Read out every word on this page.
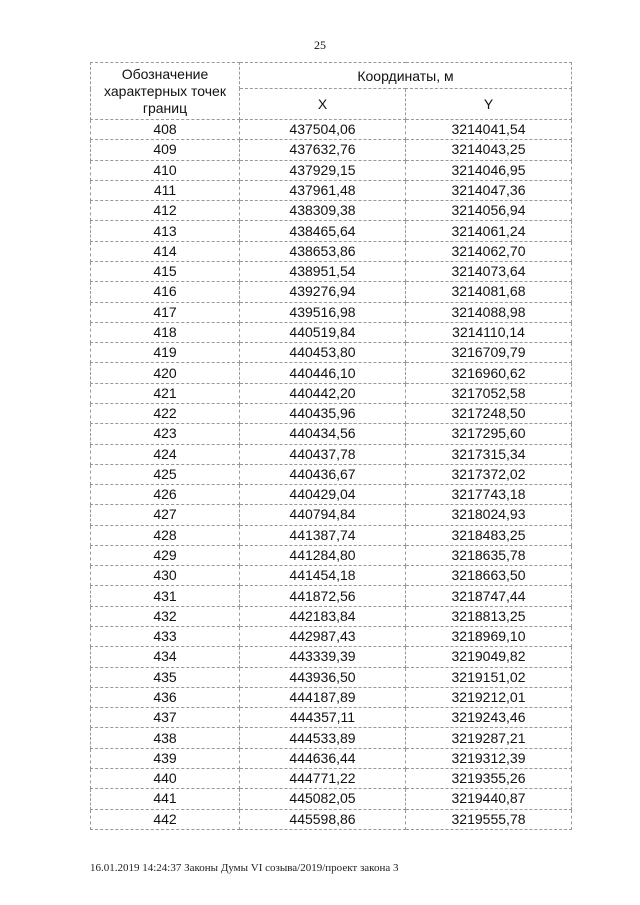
25
Обозначение характерных точек границ	Координаты, м	
	X	Y
408	437504,06	3214041,54
409	437632,76	3214043,25
410	437929,15	3214046,95
411	437961,48	3214047,36
412	438309,38	3214056,94
413	438465,64	3214061,24
414	438653,86	3214062,70
415	438951,54	3214073,64
416	439276,94	3214081,68
417	439516,98	3214088,98
418	440519,84	3214110,14
419	440453,80	3216709,79
420	440446,10	3216960,62
421	440442,20	3217052,58
422	440435,96	3217248,50
423	440434,56	3217295,60
424	440437,78	3217315,34
425	440436,67	3217372,02
426	440429,04	3217743,18
427	440794,84	3218024,93
428	441387,74	3218483,25
429	441284,80	3218635,78
430	441454,18	3218663,50
431	441872,56	3218747,44
432	442183,84	3218813,25
433	442987,43	3218969,10
434	443339,39	3219049,82
435	443936,50	3219151,02
436	444187,89	3219212,01
437	444357,11	3219243,46
438	444533,89	3219287,21
439	444636,44	3219312,39
440	444771,22	3219355,26
441	445082,05	3219440,87
442	445598,86	3219555,78
16.01.2019 14:24:37 Законы Думы VI созыва/2019/проект закона 3
